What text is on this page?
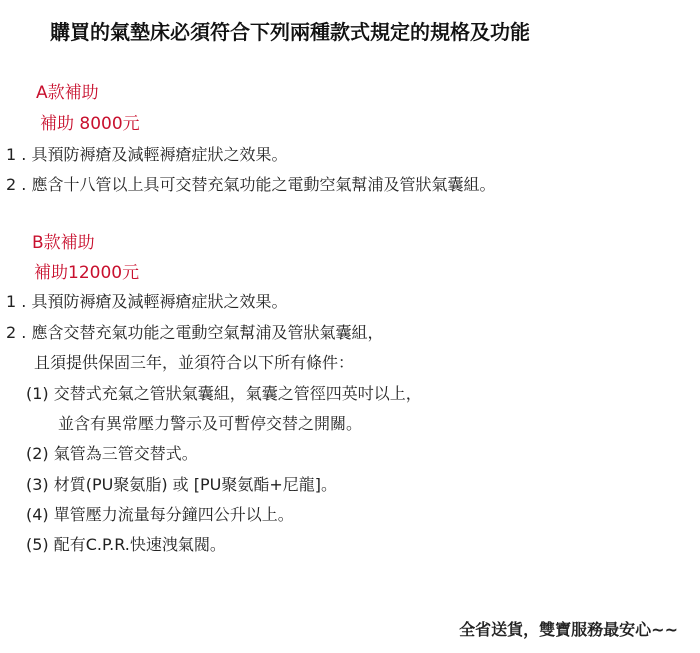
購買的氣墊床必須符合下列兩種款式規定的規格及功能
A款補助
補助 8000元
1 . 具預防褥瘡及減輕褥瘡症狀之效果。
2 . 應含十八管以上具可交替充氣功能之電動空氣幫浦及管狀氣囊組。
B款補助
補助12000元
1 . 具預防褥瘡及減輕褥瘡症狀之效果。
2 . 應含交替充氣功能之電動空氣幫浦及管狀氣囊組，
且須提供保固三年，並須符合以下所有條件：
(1) 交替式充氣之管狀氣囊組，氣囊之管徑四英吋以上，
並含有異常壓力警示及可暫停交替之開關。
(2) 氣管為三管交替式。
(3) 材質(PU聚氨脂) 或 [PU聚氨酯+尼龍]。
(4) 單管壓力流量每分鐘四公升以上。
(5) 配有C.P.R.快速洩氣閥。
全省送貨，雙寶服務最安心~~
